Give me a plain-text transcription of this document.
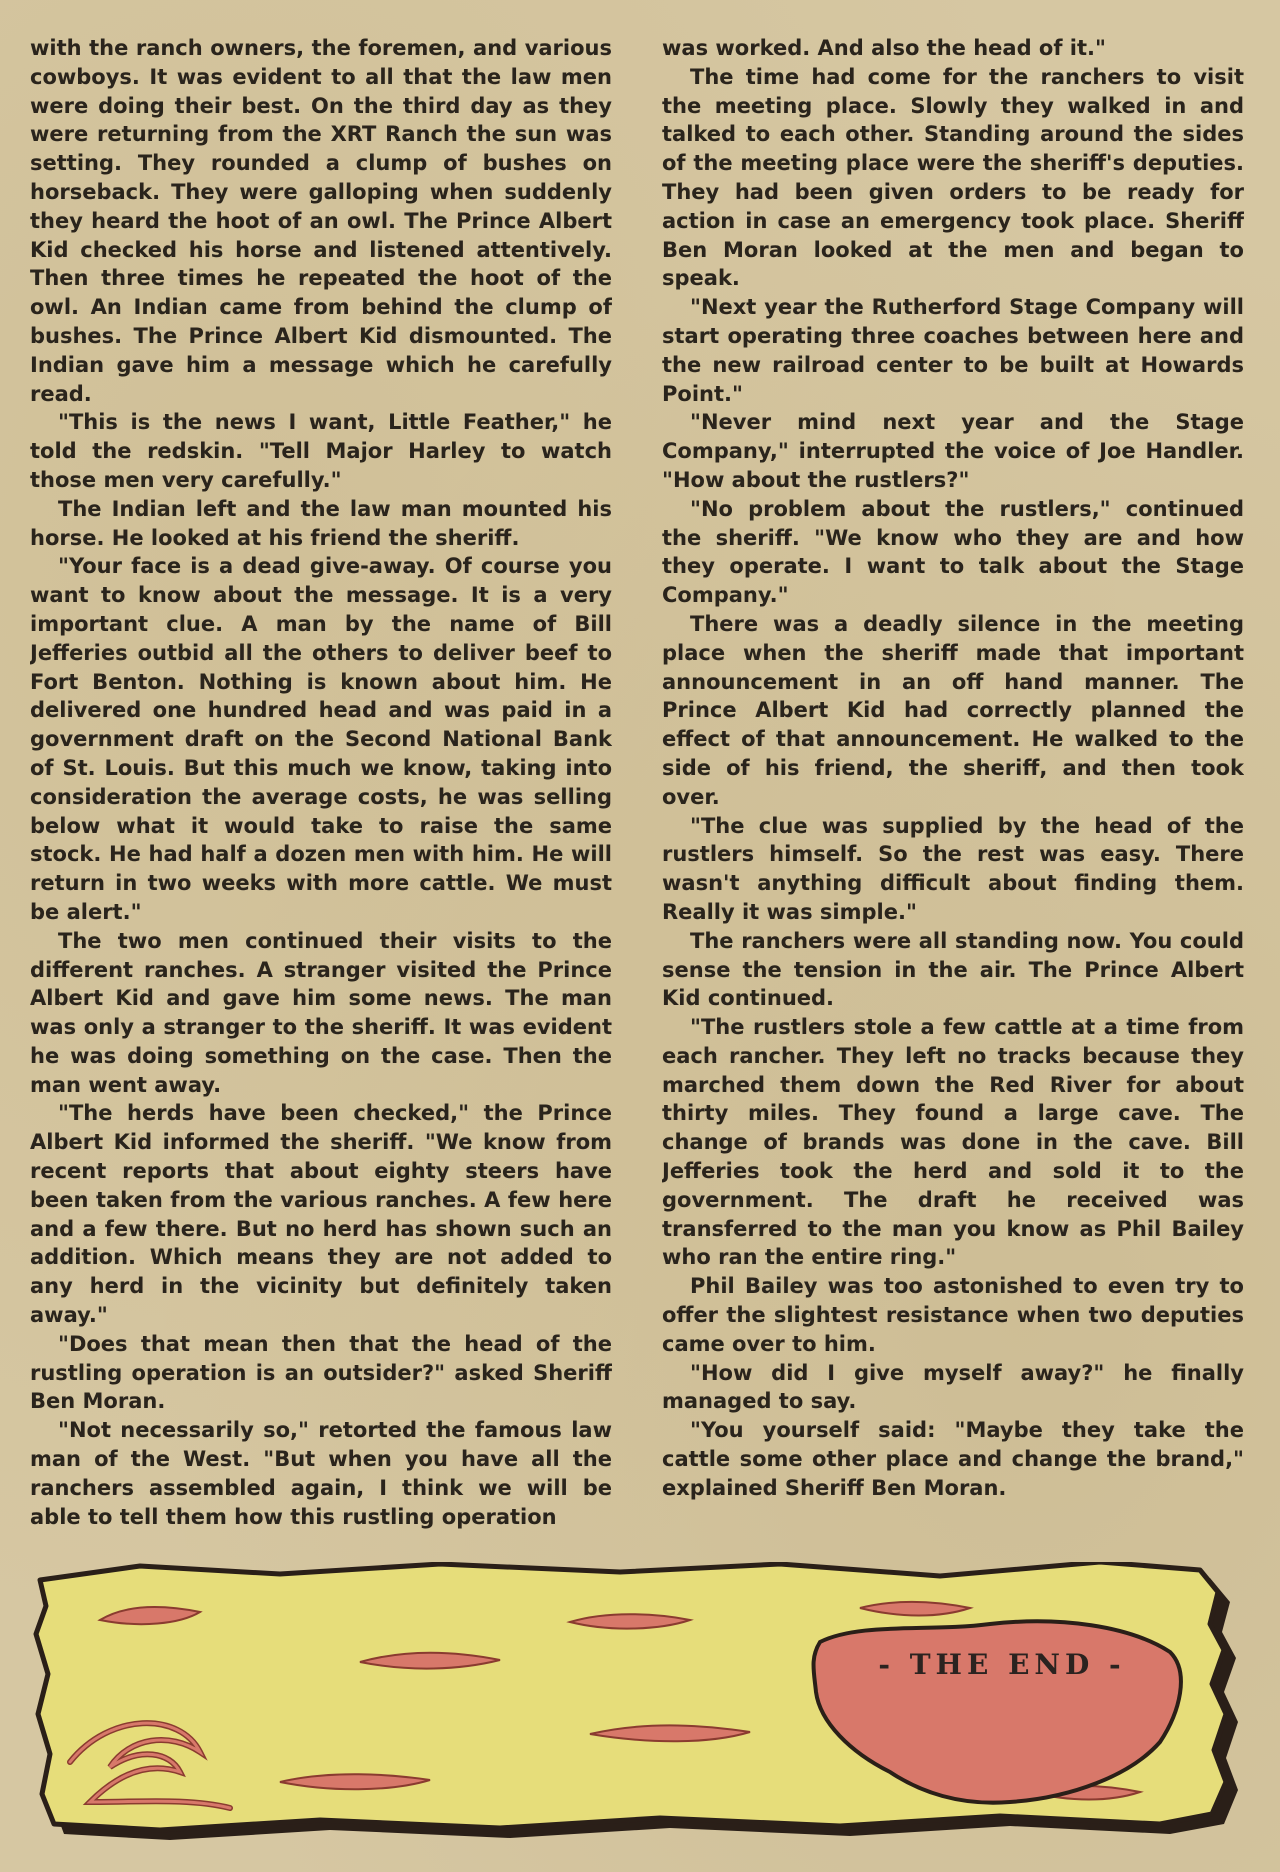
with the ranch owners, the foremen, and various cowboys. It was evident to all that the law men were doing their best. On the third day as they were returning from the XRT Ranch the sun was setting. They rounded a clump of bushes on horseback. They were galloping when suddenly they heard the hoot of an owl. The Prince Albert Kid checked his horse and listened attentively. Then three times he repeated the hoot of the owl. An Indian came from behind the clump of bushes. The Prince Albert Kid dismounted. The Indian gave him a message which he carefully read.

"This is the news I want, Little Feather," he told the redskin. "Tell Major Harley to watch those men very carefully."

The Indian left and the law man mounted his horse. He looked at his friend the sheriff.

"Your face is a dead give-away. Of course you want to know about the message. It is a very important clue. A man by the name of Bill Jefferies outbid all the others to deliver beef to Fort Benton. Nothing is known about him. He delivered one hundred head and was paid in a government draft on the Second National Bank of St. Louis. But this much we know, taking into consideration the average costs, he was selling below what it would take to raise the same stock. He had half a dozen men with him. He will return in two weeks with more cattle. We must be alert."

The two men continued their visits to the different ranches. A stranger visited the Prince Albert Kid and gave him some news. The man was only a stranger to the sheriff. It was evident he was doing something on the case. Then the man went away.

"The herds have been checked," the Prince Albert Kid informed the sheriff. "We know from recent reports that about eighty steers have been taken from the various ranches. A few here and a few there. But no herd has shown such an addition. Which means they are not added to any herd in the vicinity but definitely taken away."

"Does that mean then that the head of the rustling operation is an outsider?" asked Sheriff Ben Moran.

"Not necessarily so," retorted the famous law man of the West. "But when you have all the ranchers assembled again, I think we will be able to tell them how this rustling operation

was worked. And also the head of it."

The time had come for the ranchers to visit the meeting place. Slowly they walked in and talked to each other. Standing around the sides of the meeting place were the sheriff's deputies. They had been given orders to be ready for action in case an emergency took place. Sheriff Ben Moran looked at the men and began to speak.

"Next year the Rutherford Stage Company will start operating three coaches between here and the new railroad center to be built at Howards Point."

"Never mind next year and the Stage Company," interrupted the voice of Joe Handler. "How about the rustlers?"

"No problem about the rustlers," continued the sheriff. "We know who they are and how they operate. I want to talk about the Stage Company."

There was a deadly silence in the meeting place when the sheriff made that important announcement in an off hand manner. The Prince Albert Kid had correctly planned the effect of that announcement. He walked to the side of his friend, the sheriff, and then took over.

"The clue was supplied by the head of the rustlers himself. So the rest was easy. There wasn't anything difficult about finding them. Really it was simple."

The ranchers were all standing now. You could sense the tension in the air. The Prince Albert Kid continued.

"The rustlers stole a few cattle at a time from each rancher. They left no tracks because they marched them down the Red River for about thirty miles. They found a large cave. The change of brands was done in the cave. Bill Jefferies took the herd and sold it to the government. The draft he received was transferred to the man you know as Phil Bailey who ran the entire ring."

Phil Bailey was too astonished to even try to offer the slightest resistance when two deputies came over to him.

"How did I give myself away?" he finally managed to say.

"You yourself said: "Maybe they take the cattle some other place and change the brand," explained Sheriff Ben Moran.

- THE END -
